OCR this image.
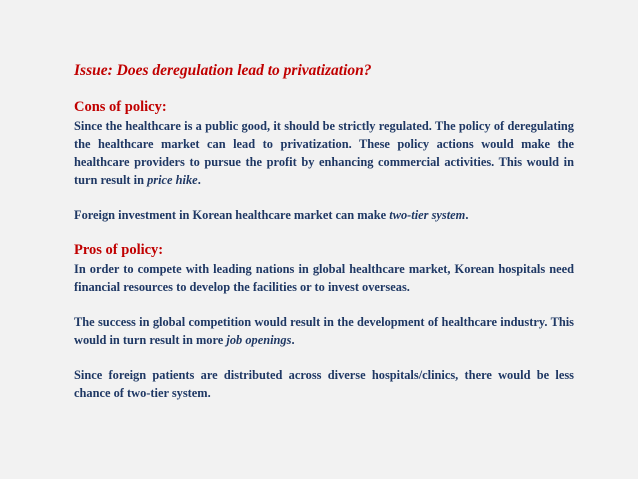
Issue: Does deregulation lead to privatization?

Cons of policy:

Since the healthcare is a public good, it should be strictly regulated. The policy of deregulating the healthcare market can lead to privatization. These policy actions would make the healthcare providers to pursue the profit by enhancing commercial activities. This would in turn result in price hike.

Foreign investment in Korean healthcare market can make two-tier system.

Pros of policy:

In order to compete with leading nations in global healthcare market, Korean hospitals need financial resources to develop the facilities or to invest overseas.

The success in global competition would result in the development of healthcare industry. This would in turn result in more job openings.

Since foreign patients are distributed across diverse hospitals/clinics, there would be less chance of two-tier system.
